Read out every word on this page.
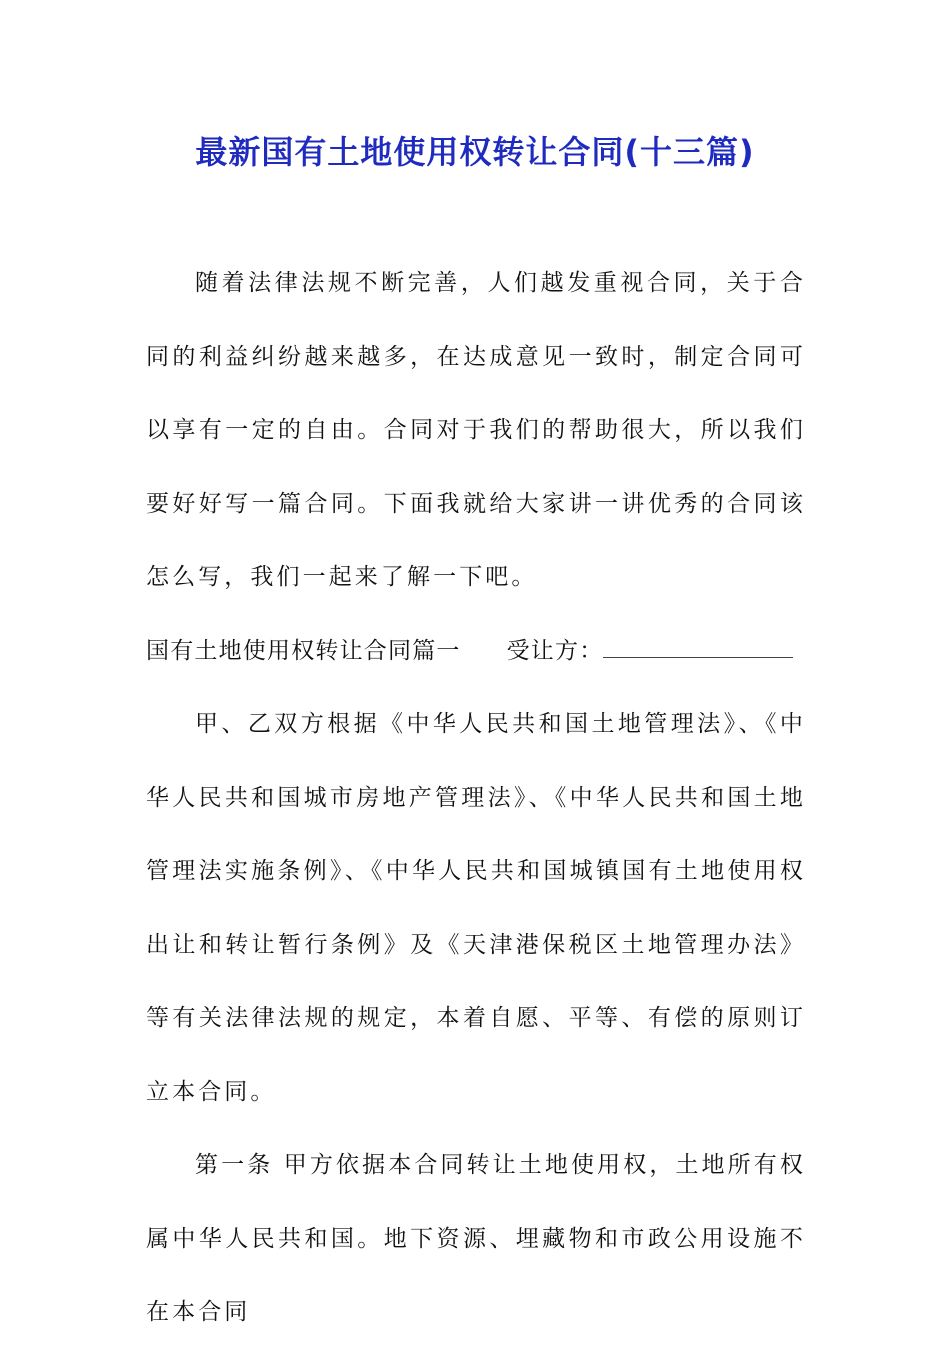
最新国有土地使用权转让合同(十三篇)

随着法律法规不断完善，人们越发重视合同，关于合同的利益纠纷越来越多，在达成意见一致时，制定合同可以享有一定的自由。合同对于我们的帮助很大，所以我们要好好写一篇合同。下面我就给大家讲一讲优秀的合同该怎么写，我们一起来了解一下吧。

国有土地使用权转让合同篇一 受让方：

甲、乙双方根据《中华人民共和国土地管理法》、《中华人民共和国城市房地产管理法》、《中华人民共和国土地管理法实施条例》、《中华人民共和国城镇国有土地使用权出让和转让暂行条例》及《天津港保税区土地管理办法》等有关法律法规的规定，本着自愿、平等、有偿的原则订立本合同。

第一条 甲方依据本合同转让土地使用权，土地所有权属中华人民共和国。地下资源、埋藏物和市政公用设施不在本合同
